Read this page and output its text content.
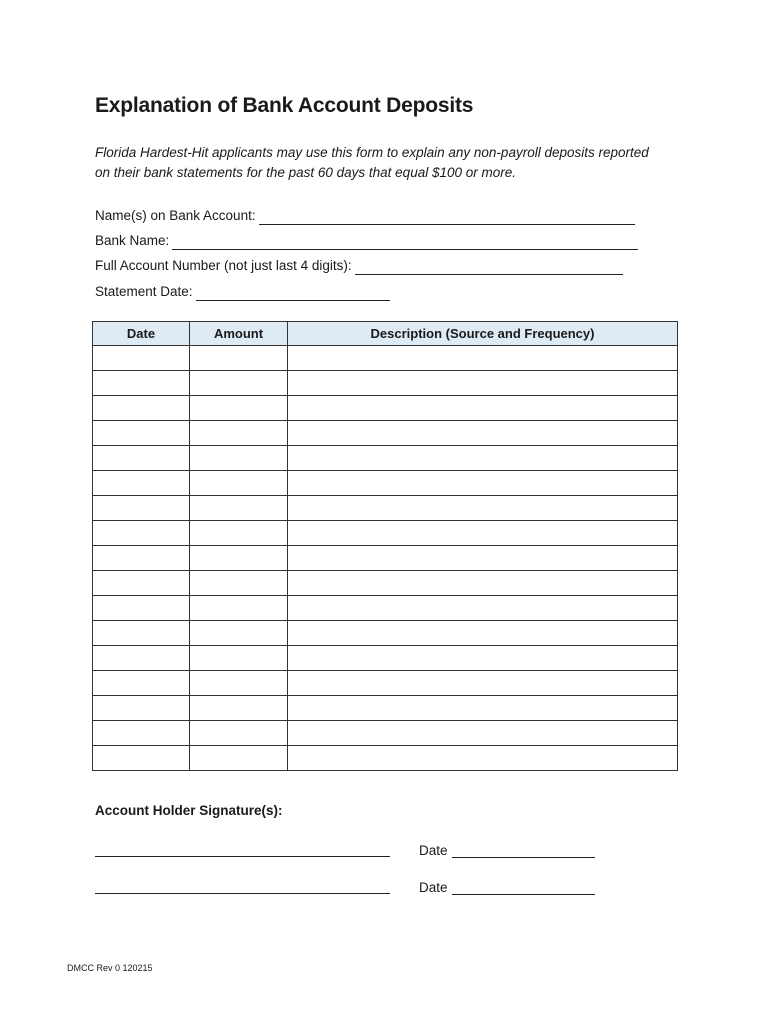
Explanation of Bank Account Deposits

Florida Hardest-Hit applicants may use this form to explain any non-payroll deposits reported
on their bank statements for the past 60 days that equal $100 or more.

Name(s) on Bank Account:
Bank Name:
Full Account Number (not just last 4 digits):
Statement Date:
Date	Amount	Description (Source and Frequency)

Account Holder Signature(s):

Date
Date
DMCC Rev 0 120215
